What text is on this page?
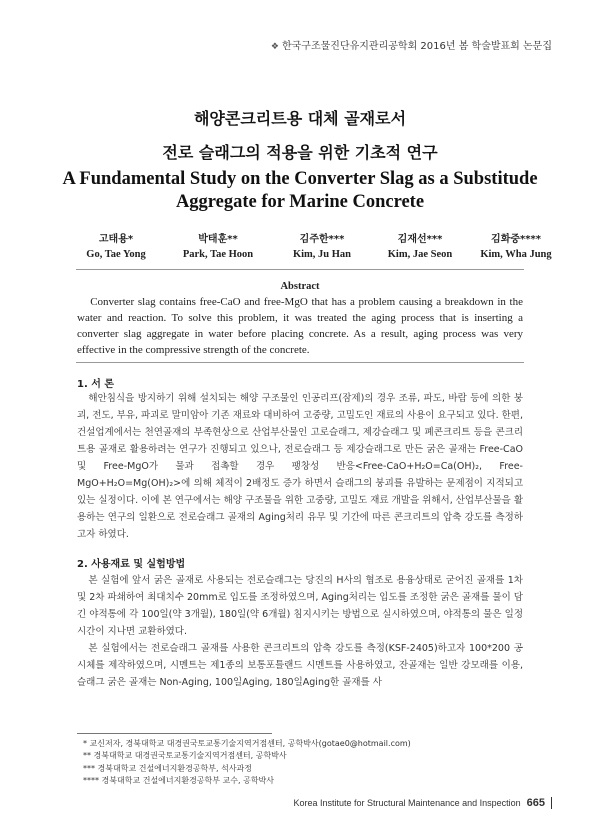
❖ 한국구조물진단유지관리공학회 2016년 봄 학술발표회 논문집
해양콘크리트용 대체 골재로서
전로 슬래그의 적용을 위한 기초적 연구
A Fundamental Study on the Converter Slag as a Substitude
Aggregate for Marine Concrete
고태용*
Go, Tae Yong
박태훈**
Park, Tae Hoon
김주한***
Kim, Ju Han
김재선***
Kim, Jae Seon
김화중****
Kim, Wha Jung
Abstract

Converter slag contains free-CaO and free-MgO that has a problem causing a breakdown in the water and reaction. To solve this problem, it was treated the aging process that is inserting a converter slag aggregate in water before placing concrete. As a result, aging process was very effective in the compressive strength of the concrete.

1. 서 론

해안침식을 방지하기 위해 설치되는 해양 구조물인 인공리프(잠제)의 경우 조류, 파도, 바람 등에 의한 붕괴, 전도, 부유, 파괴로 말미암아 기존 재료와 대비하여 고중량, 고밀도인 재료의 사용이 요구되고 있다. 한편, 건설업계에서는 천연골재의 부족현상으로 산업부산물인 고로슬래그, 제강슬래그 및 폐콘크리트 등을 콘크리트용 골재로 활용하려는 연구가 진행되고 있으나, 전로슬래그 등 제강슬래그로 만든 굵은 골재는 Free-CaO 및 Free-MgO가 물과 접촉할 경우 팽창성 반응<Free-CaO+H₂O=Ca(OH)₂, Free-MgO+H₂O=Mg(OH)₂>에 의해 체적이 2배정도 증가 하면서 슬래그의 붕괴를 유발하는 문제점이 지적되고 있는 실정이다. 이에 본 연구에서는 해양 구조물을 위한 고중량, 고밀도 재료 개발을 위해서, 산업부산물을 활용하는 연구의 일환으로 전로슬래그 골재의 Aging처리 유무 및 기간에 따른 콘크리트의 압축 강도를 측정하고자 하였다.

2. 사용재료 및 실험방법

본 실험에 앞서 굵은 골재로 사용되는 전로슬래그는 당진의 H사의 협조로 용융상태로 굳어진 골재를 1차 및 2차 파쇄하여 최대치수 20mm로 입도를 조정하였으며, Aging처리는 입도를 조정한 굵은 골재를 물이 담긴 야적통에 각 100일(약 3개월), 180일(약 6개월) 침지시키는 방법으로 실시하였으며, 야적통의 물은 일정 시간이 지나면 교환하였다.

본 실험에서는 전로슬래그 골재를 사용한 콘크리트의 압축 강도를 측정(KSF-2405)하고자 100*200 공시체를 제작하였으며, 시멘트는 제1종의 보통포틀랜드 시멘트를 사용하였고, 잔골재는 일반 강모래를 이용, 슬래그 굵은 골재는 Non-Aging, 100일Aging, 180일Aging한 골재를 사

* 교신저자, 경북대학교 대경권국토교통기술지역거점센터, 공학박사(gotae0@hotmail.com)
** 경북대학교 대경권국토교통기술지역거점센터, 공학박사
*** 경북대학교 건설에너지환경공학부, 석사과정
**** 경북대학교 건설에너지환경공학부 교수, 공학박사
Korea Institute for Structural Maintenance and Inspection 665
